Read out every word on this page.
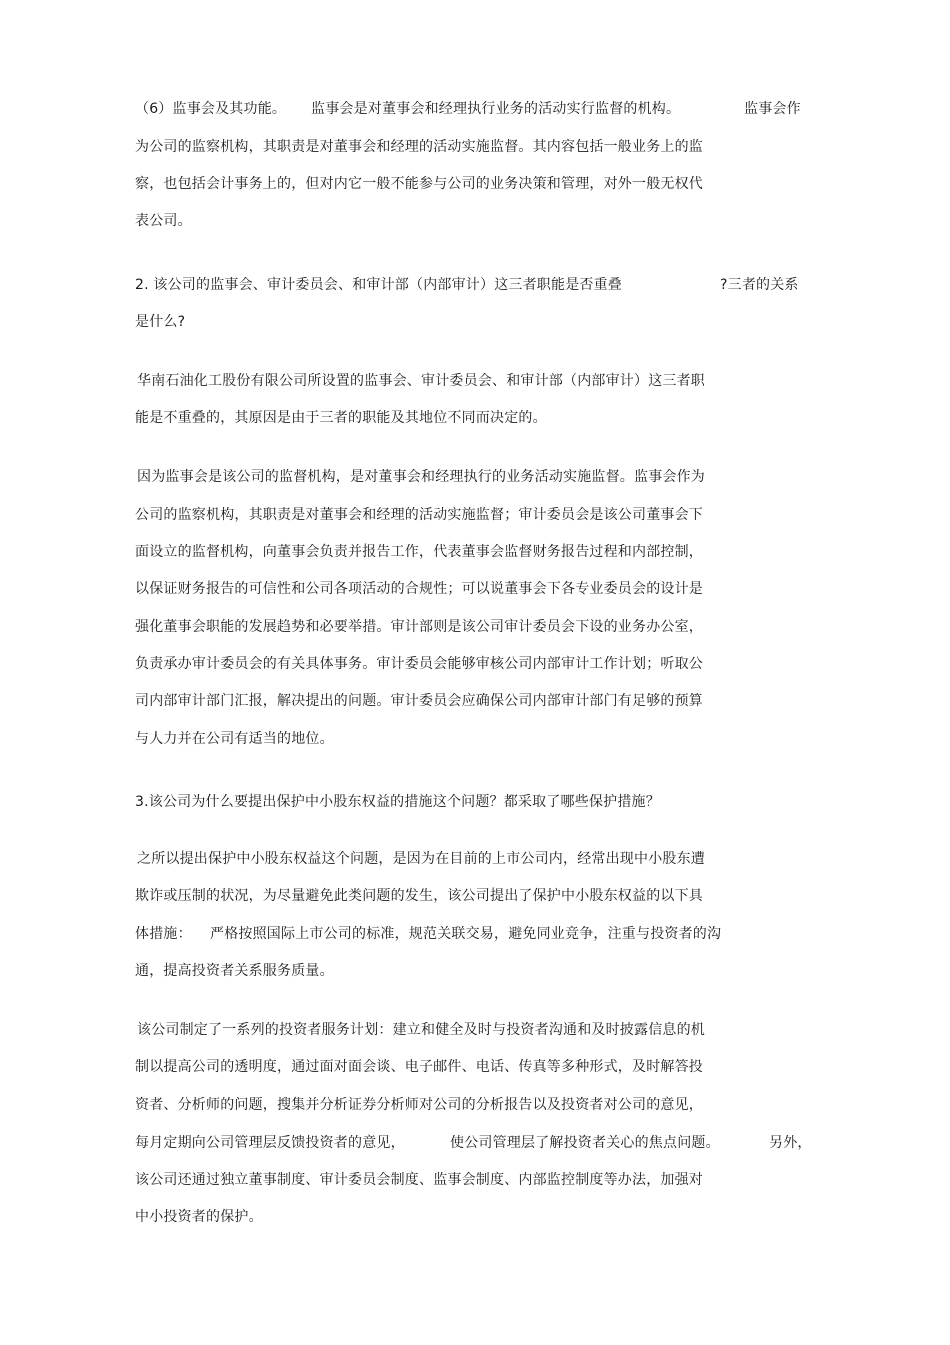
（6）监事会及其功能。 监事会是对董事会和经理执行业务的活动实行监督的机构。	监事会作
为公司的监察机构，其职责是对董事会和经理的活动实施监督。其内容包括一般业务上的监
察，也包括会计事务上的，但对内它一般不能参与公司的业务决策和管理，对外一般无权代
表公司。
2. 该公司的监事会、审计委员会、和审计部（内部审计）这三者职能是否重叠	?三者的关系
是什么?
华南石油化工股份有限公司所设置的监事会、审计委员会、和审计部（内部审计）这三者职
能是不重叠的，其原因是由于三者的职能及其地位不同而决定的。
因为监事会是该公司的监督机构，是对董事会和经理执行的业务活动实施监督。监事会作为
公司的监察机构，其职责是对董事会和经理的活动实施监督；审计委员会是该公司董事会下
面设立的监督机构，向董事会负责并报告工作，代表董事会监督财务报告过程和内部控制，
以保证财务报告的可信性和公司各项活动的合规性；可以说董事会下各专业委员会的设计是
强化董事会职能的发展趋势和必要举措。审计部则是该公司审计委员会下设的业务办公室，
负责承办审计委员会的有关具体事务。审计委员会能够审核公司内部审计工作计划；听取公
司内部审计部门汇报，解决提出的问题。审计委员会应确保公司内部审计部门有足够的预算
与人力并在公司有适当的地位。
3.该公司为什么要提出保护中小股东权益的措施这个问题？都采取了哪些保护措施？
之所以提出保护中小股东权益这个问题，是因为在目前的上市公司内，经常出现中小股东遭
欺诈或压制的状况，为尽量避免此类问题的发生，该公司提出了保护中小股东权益的以下具
体措施： 严格按照国际上市公司的标准，规范关联交易，避免同业竞争，注重与投资者的沟
通，提高投资者关系服务质量。
该公司制定了一系列的投资者服务计划：建立和健全及时与投资者沟通和及时披露信息的机
制以提高公司的透明度，通过面对面会谈、电子邮件、电话、传真等多种形式，及时解答投
资者、分析师的问题，搜集并分析证券分析师对公司的分析报告以及投资者对公司的意见，
每月定期向公司管理层反馈投资者的意见，	使公司管理层了解投资者关心的焦点问题。	另外，
该公司还通过独立董事制度、审计委员会制度、监事会制度、内部监控制度等办法，加强对
中小投资者的保护。
